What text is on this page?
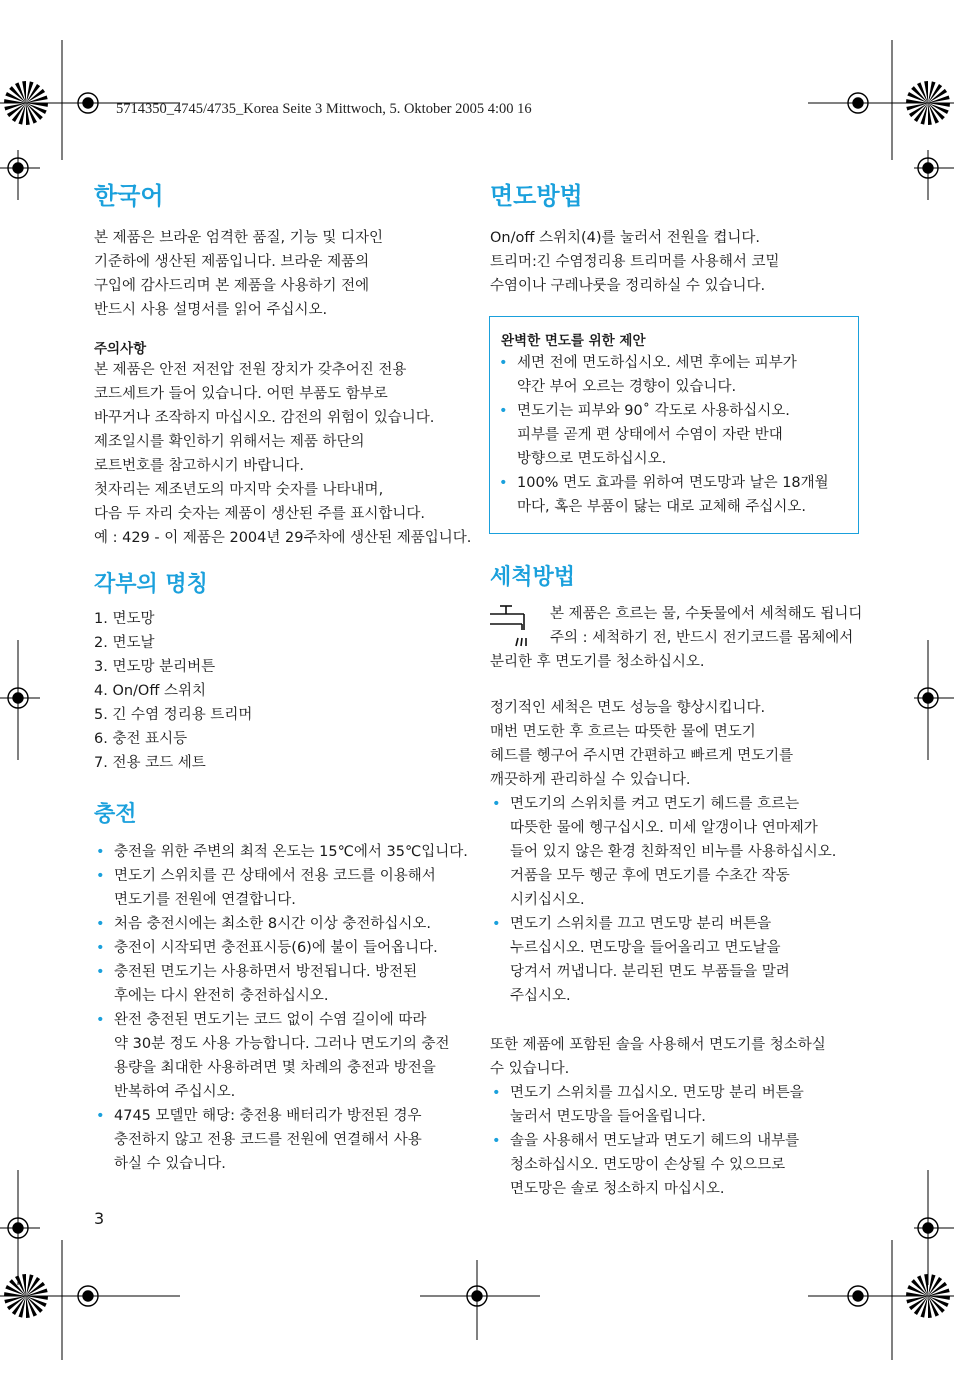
5714350_4745/4735_Korea Seite 3 Mittwoch, 5. Oktober 2005 4:00 16
한국어
본 제품은 브라운 엄격한 품질, 기능 및 디자인
기준하에 생산된 제품입니다. 브라운 제품의
구입에 감사드리며 본 제품을 사용하기 전에
반드시 사용 설명서를 읽어 주십시오.
주의사항
본 제품은 안전 저전압 전원 장치가 갖추어진 전용
코드세트가 들어 있습니다. 어떤 부품도 함부로
바꾸거나 조작하지 마십시오. 감전의 위험이 있습니다.
제조일시를 확인하기 위해서는 제품 하단의
로트번호를 참고하시기 바랍니다.
첫자리는 제조년도의 마지막 숫자를 나타내며,
다음 두 자리 숫자는 제품이 생산된 주를 표시합니다.
예 : 429 - 이 제품은 2004년 29주차에 생산된 제품입니다.
각부의 명칭
1. 면도망
2. 면도날
3. 면도망 분리버튼
4. On/Off 스위치
5. 긴 수염 정리용 트리머
6. 충전 표시등
7. 전용 코드 세트
충전
• 충전을 위한 주변의 최적 온도는 15℃에서 35℃입니다.
• 면도기 스위치를 끈 상태에서 전용 코드를 이용해서
면도기를 전원에 연결합니다.
• 처음 충전시에는 최소한 8시간 이상 충전하십시오.
• 충전이 시작되면 충전표시등(6)에 불이 들어옵니다.
• 충전된 면도기는 사용하면서 방전됩니다. 방전된
후에는 다시 완전히 충전하십시오.
• 완전 충전된 면도기는 코드 없이 수염 길이에 따라
약 30분 정도 사용 가능합니다. 그러나 면도기의 충전
용량을 최대한 사용하려면 몇 차례의 충전과 방전을
반복하여 주십시오.
• 4745 모델만 해당: 충전용 배터리가 방전된 경우
충전하지 않고 전용 코드를 전원에 연결해서 사용
하실 수 있습니다.
3
면도방법
On/off 스위치(4)를 눌러서 전원을 켭니다.
트리머:긴 수염정리용 트리머를 사용해서 코밑
수염이나 구레나룻을 정리하실 수 있습니다.
완벽한 면도를 위한 제안
• 세면 전에 면도하십시오. 세면 후에는 피부가
약간 부어 오르는 경향이 있습니다.
• 면도기는 피부와 90˚ 각도로 사용하십시오.
피부를 곧게 편 상태에서 수염이 자란 반대
방향으로 면도하십시오.
• 100% 면도 효과를 위하여 면도망과 날은 18개월
마다, 혹은 부품이 닳는 대로 교체해 주십시오.
세척방법
본 제품은 흐르는 물, 수돗물에서 세척해도 됩니디
주의 : 세척하기 전, 반드시 전기코드를 몸체에서
분리한 후 면도기를 청소하십시오.
정기적인 세척은 면도 성능을 향상시킵니다.
매번 면도한 후 흐르는 따뜻한 물에 면도기
헤드를 헹구어 주시면 간편하고 빠르게 면도기를
깨끗하게 관리하실 수 있습니다.
• 면도기의 스위치를 켜고 면도기 헤드를 흐르는
따뜻한 물에 헹구십시오. 미세 알갱이나 연마제가
들어 있지 않은 환경 친화적인 비누를 사용하십시오.
거품을 모두 헹군 후에 면도기를 수초간 작동
시키십시오.
• 면도기 스위치를 끄고 면도망 분리 버튼을
누르십시오. 면도망을 들어올리고 면도날을
당겨서 꺼냅니다. 분리된 면도 부품들을 말려
주십시오.
또한 제품에 포함된 솔을 사용해서 면도기를 청소하실
수 있습니다.
• 면도기 스위치를 끄십시오. 면도망 분리 버튼을
눌러서 면도망을 들어올립니다.
• 솔을 사용해서 면도날과 면도기 헤드의 내부를
청소하십시오. 면도망이 손상될 수 있으므로
면도망은 솔로 청소하지 마십시오.
